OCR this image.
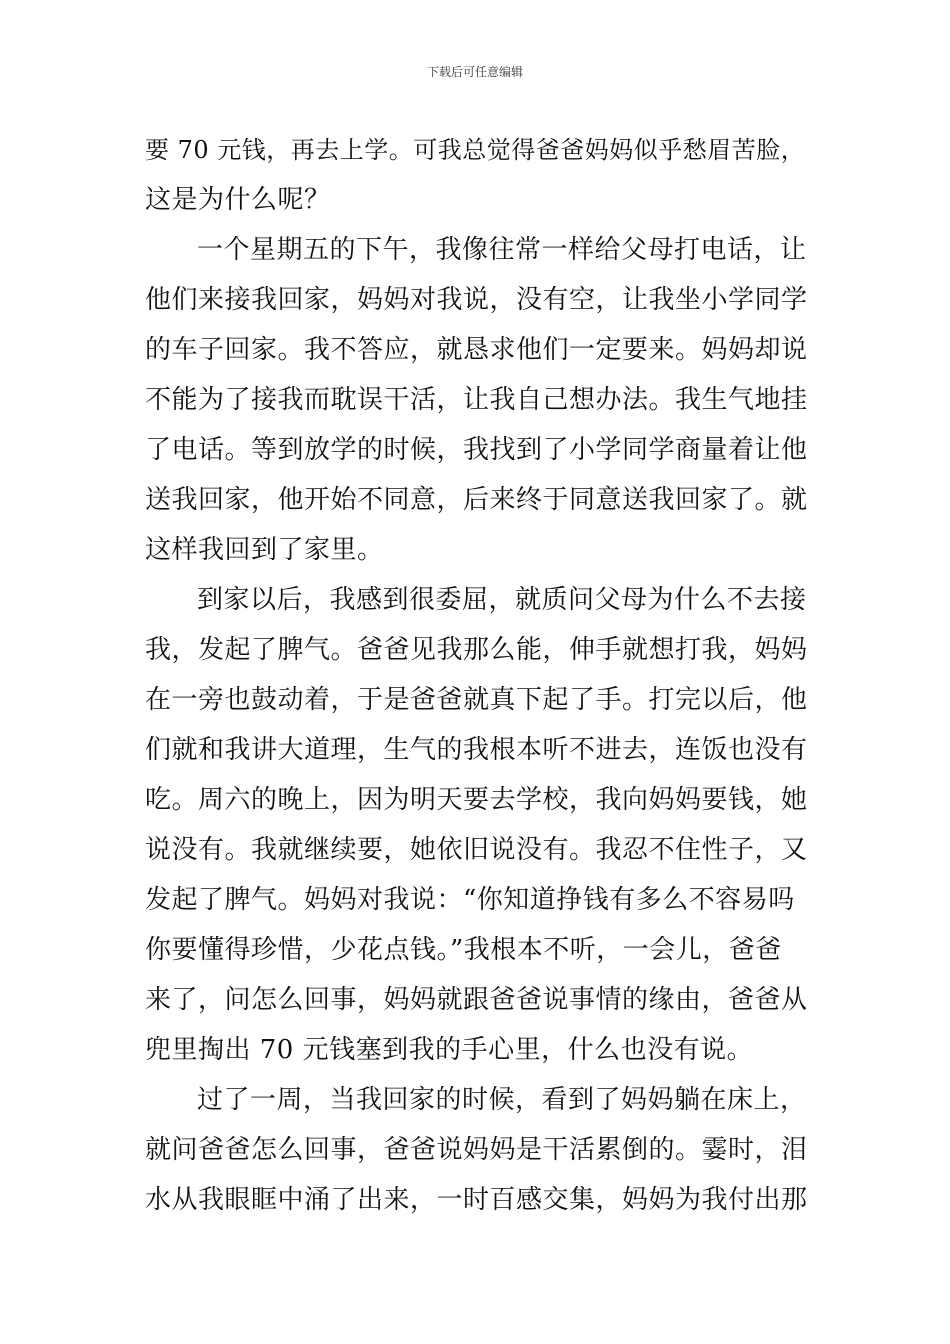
下载后可任意编辑
要 70 元钱，再去上学。可我总觉得爸爸妈妈似乎愁眉苦脸，
这是为什么呢？
一个星期五的下午，我像往常一样给父母打电话，让
他们来接我回家，妈妈对我说，没有空，让我坐小学同学
的车子回家。我不答应，就恳求他们一定要来。妈妈却说
不能为了接我而耽误干活，让我自己想办法。我生气地挂
了电话。等到放学的时候，我找到了小学同学商量着让他
送我回家，他开始不同意，后来终于同意送我回家了。就
这样我回到了家里。
到家以后，我感到很委屈，就质问父母为什么不去接
我，发起了脾气。爸爸见我那么能，伸手就想打我，妈妈
在一旁也鼓动着，于是爸爸就真下起了手。打完以后，他
们就和我讲大道理，生气的我根本听不进去，连饭也没有
吃。周六的晚上，因为明天要去学校，我向妈妈要钱，她
说没有。我就继续要，她依旧说没有。我忍不住性子，又
发起了脾气。妈妈对我说：“你知道挣钱有多么不容易吗
你要懂得珍惜，少花点钱。”我根本不听，一会儿，爸爸
来了，问怎么回事，妈妈就跟爸爸说事情的缘由，爸爸从
兜里掏出 70 元钱塞到我的手心里，什么也没有说。
过了一周，当我回家的时候，看到了妈妈躺在床上，
就问爸爸怎么回事，爸爸说妈妈是干活累倒的。霎时，泪
水从我眼眶中涌了出来，一时百感交集，妈妈为我付出那
